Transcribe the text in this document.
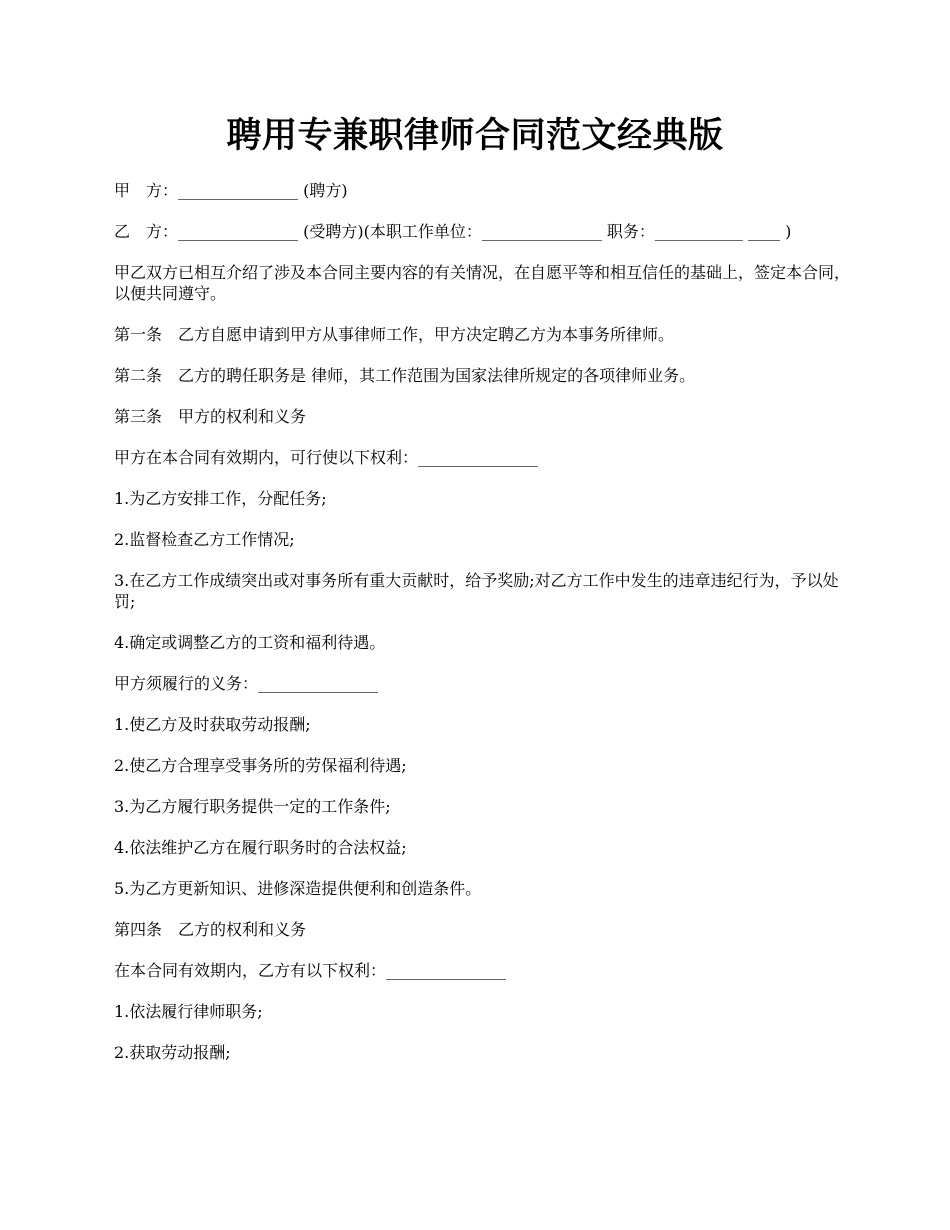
聘用专兼职律师合同范文经典版

甲　方：_______________ (聘方)

乙　方：_______________ (受聘方)(本职工作单位：_______________ 职务：___________ ____ )

甲乙双方已相互介绍了涉及本合同主要内容的有关情况，在自愿平等和相互信任的基础上，签定本合同，以便共同遵守。

第一条　乙方自愿申请到甲方从事律师工作，甲方决定聘乙方为本事务所律师。

第二条　乙方的聘任职务是 律师，其工作范围为国家法律所规定的各项律师业务。

第三条　甲方的权利和义务

甲方在本合同有效期内，可行使以下权利：_______________

1.为乙方安排工作，分配任务;

2.监督检查乙方工作情况;

3.在乙方工作成绩突出或对事务所有重大贡献时，给予奖励;对乙方工作中发生的违章违纪行为，予以处罚;

4.确定或调整乙方的工资和福利待遇。

甲方须履行的义务：_______________

1.使乙方及时获取劳动报酬;

2.使乙方合理享受事务所的劳保福利待遇;

3.为乙方履行职务提供一定的工作条件;

4.依法维护乙方在履行职务时的合法权益;

5.为乙方更新知识、进修深造提供便利和创造条件。

第四条　乙方的权利和义务

在本合同有效期内，乙方有以下权利：_______________

1.依法履行律师职务;

2.获取劳动报酬;
